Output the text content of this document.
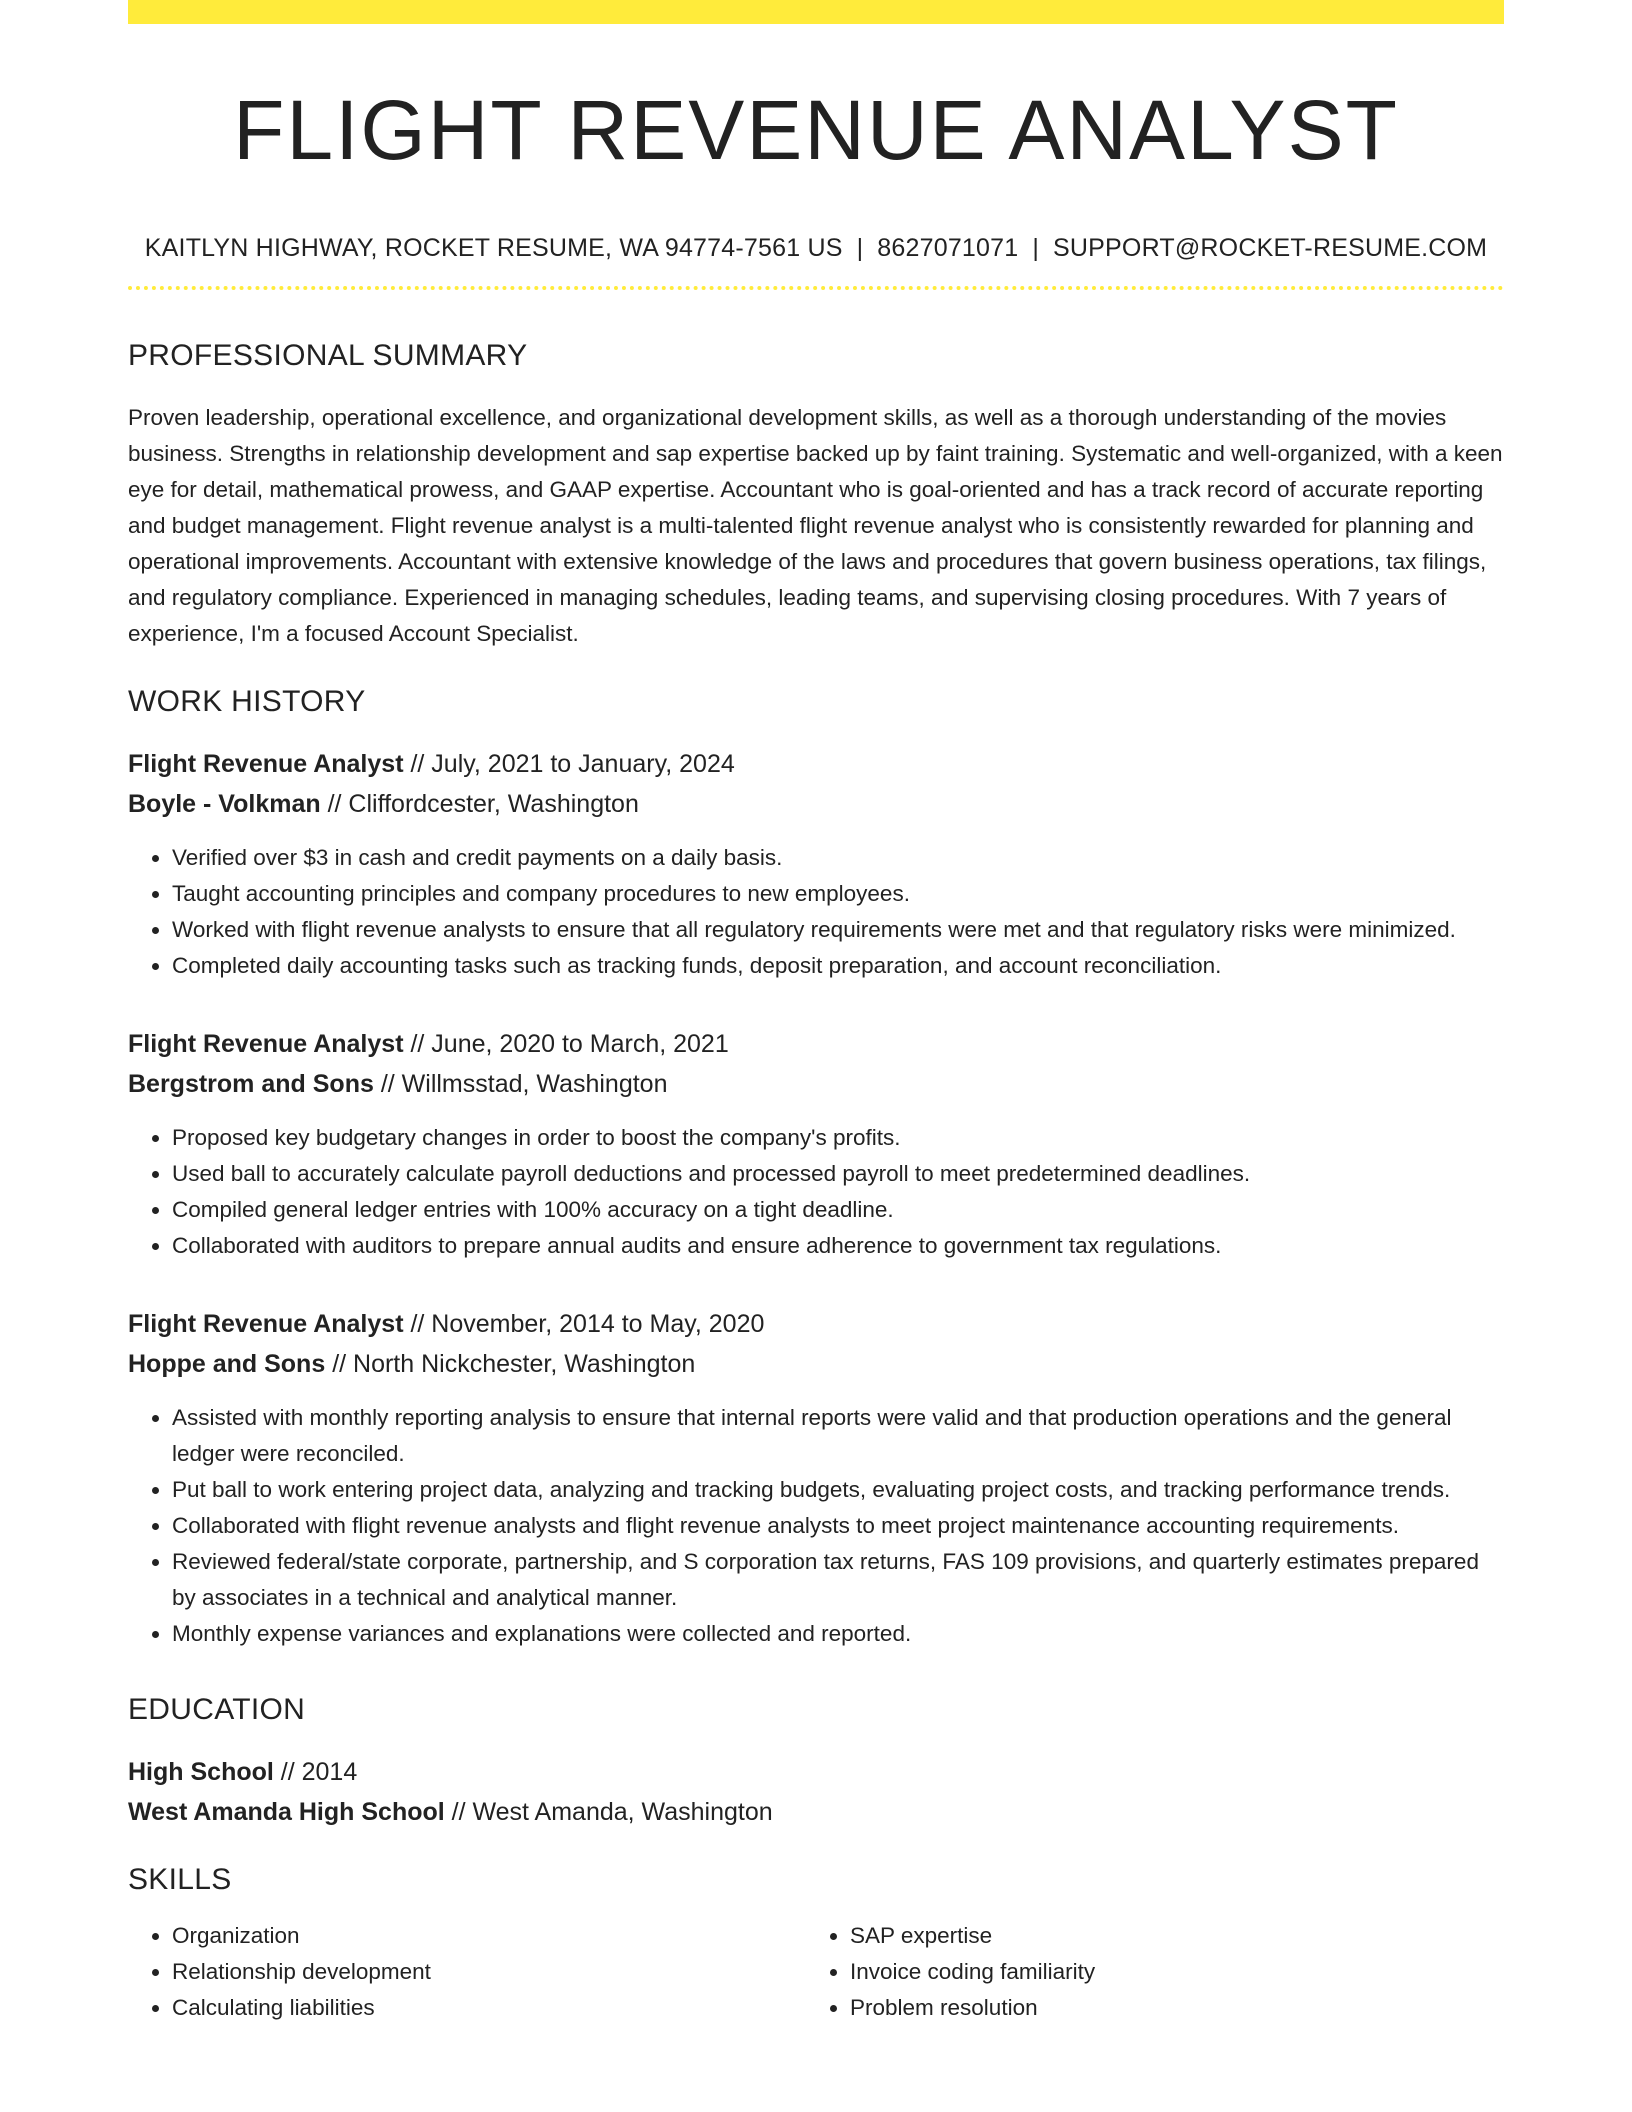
FLIGHT REVENUE ANALYST
KAITLYN HIGHWAY, ROCKET RESUME, WA 94774-7561 US | 8627071071 | SUPPORT@ROCKET-RESUME.COM
PROFESSIONAL SUMMARY

Proven leadership, operational excellence, and organizational development skills, as well as a thorough understanding of the movies business. Strengths in relationship development and sap expertise backed up by faint training. Systematic and well-organized, with a keen eye for detail, mathematical prowess, and GAAP expertise. Accountant who is goal-oriented and has a track record of accurate reporting and budget management. Flight revenue analyst is a multi-talented flight revenue analyst who is consistently rewarded for planning and operational improvements. Accountant with extensive knowledge of the laws and procedures that govern business operations, tax filings, and regulatory compliance. Experienced in managing schedules, leading teams, and supervising closing procedures. With 7 years of experience, I'm a focused Account Specialist.

WORK HISTORY
Flight Revenue Analyst // July, 2021 to January, 2024
Boyle - Volkman // Cliffordcester, Washington
• Verified over $3 in cash and credit payments on a daily basis.
• Taught accounting principles and company procedures to new employees.
• Worked with flight revenue analysts to ensure that all regulatory requirements were met and that regulatory risks were minimized.
• Completed daily accounting tasks such as tracking funds, deposit preparation, and account reconciliation.
Flight Revenue Analyst // June, 2020 to March, 2021
Bergstrom and Sons // Willmsstad, Washington
• Proposed key budgetary changes in order to boost the company's profits.
• Used ball to accurately calculate payroll deductions and processed payroll to meet predetermined deadlines.
• Compiled general ledger entries with 100% accuracy on a tight deadline.
• Collaborated with auditors to prepare annual audits and ensure adherence to government tax regulations.
Flight Revenue Analyst // November, 2014 to May, 2020
Hoppe and Sons // North Nickchester, Washington
• Assisted with monthly reporting analysis to ensure that internal reports were valid and that production operations and the general ledger were reconciled.
• Put ball to work entering project data, analyzing and tracking budgets, evaluating project costs, and tracking performance trends.
• Collaborated with flight revenue analysts and flight revenue analysts to meet project maintenance accounting requirements.
• Reviewed federal/state corporate, partnership, and S corporation tax returns, FAS 109 provisions, and quarterly estimates prepared by associates in a technical and analytical manner.
• Monthly expense variances and explanations were collected and reported.
EDUCATION
High School // 2014
West Amanda High School // West Amanda, Washington
SKILLS
• Organization
• Relationship development
• Calculating liabilities
• SAP expertise
• Invoice coding familiarity
• Problem resolution
